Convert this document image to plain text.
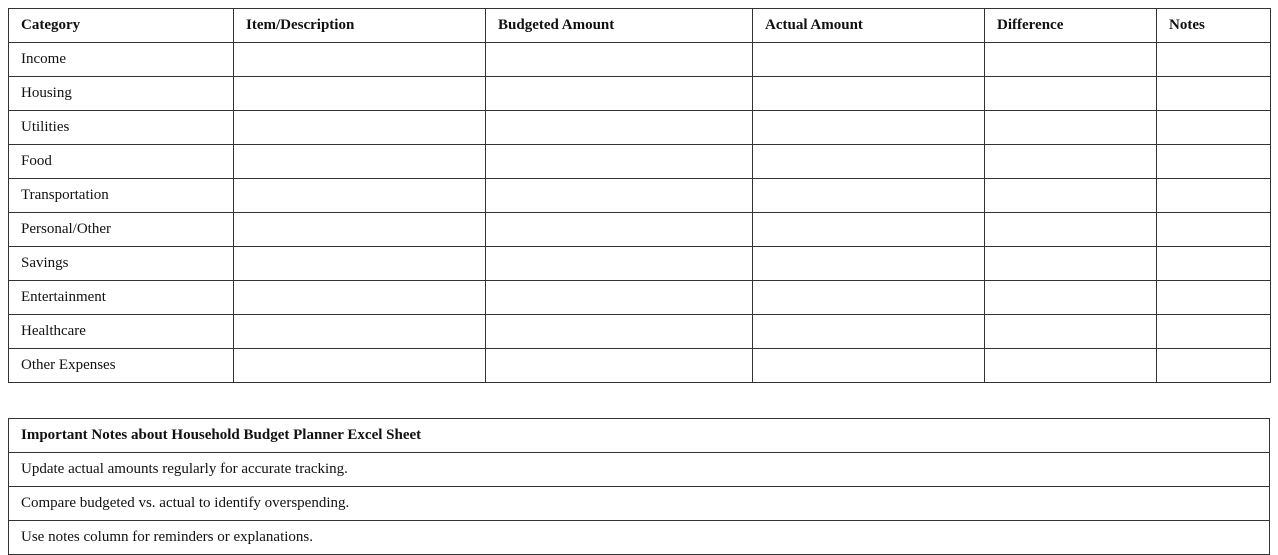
Category	Item/Description	Budgeted Amount	Actual Amount	Difference	Notes
Income					
Housing					
Utilities					
Food					
Transportation					
Personal/Other					
Savings					
Entertainment					
Healthcare					
Other Expenses					
Important Notes about Household Budget Planner Excel Sheet
Update actual amounts regularly for accurate tracking.
Compare budgeted vs. actual to identify overspending.
Use notes column for reminders or explanations.
